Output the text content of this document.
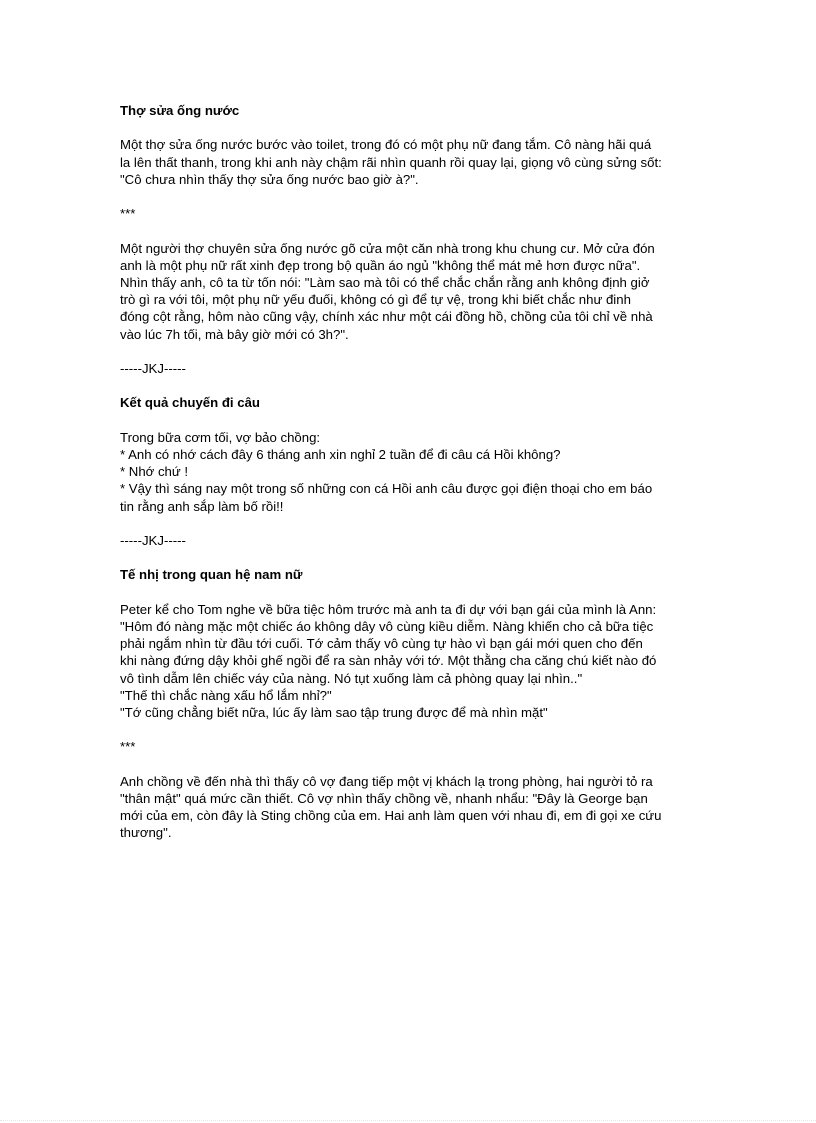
Thợ sửa ống nước

Một thợ sửa ống nước bước vào toilet, trong đó có một phụ nữ đang tắm. Cô nàng hãi quá
la lên thất thanh, trong khi anh này chậm rãi nhìn quanh rồi quay lại, giọng vô cùng sửng sốt:
"Cô chưa nhìn thấy thợ sửa ống nước bao giờ à?".

***

Một người thợ chuyên sửa ống nước gõ cửa một căn nhà trong khu chung cư. Mở cửa đón
anh là một phụ nữ rất xinh đẹp trong bộ quần áo ngủ "không thể mát mẻ hơn được nữa".
Nhìn thấy anh, cô ta từ tốn nói: "Làm sao mà tôi có thể chắc chắn rằng anh không định giở
trò gì ra với tôi, một phụ nữ yếu đuối, không có gì để tự vệ, trong khi biết chắc như đinh
đóng cột rằng, hôm nào cũng vậy, chính xác như một cái đồng hồ, chồng của tôi chỉ về nhà
vào lúc 7h tối, mà bây giờ mới có 3h?".

-----JKJ-----

Kết quả chuyến đi câu

Trong bữa cơm tối, vợ bảo chồng:
* Anh có nhớ cách đây 6 tháng anh xin nghỉ 2 tuần để đi câu cá Hồi không?
* Nhớ chứ !
* Vậy thì sáng nay một trong số những con cá Hồi anh câu được gọi điện thoại cho em báo
tin rằng anh sắp làm bố rồi!!

-----JKJ-----

Tế nhị trong quan hệ nam nữ

Peter kể cho Tom nghe về bữa tiệc hôm trước mà anh ta đi dự với bạn gái của mình là Ann:
"Hôm đó nàng mặc một chiếc áo không dây vô cùng kiều diễm. Nàng khiến cho cả bữa tiệc
phải ngắm nhìn từ đầu tới cuối. Tớ cảm thấy vô cùng tự hào vì bạn gái mới quen cho đến
khi nàng đứng dậy khỏi ghế ngồi để ra sàn nhảy với tớ. Một thằng cha căng chú kiết nào đó
vô tình dẫm lên chiếc váy của nàng. Nó tụt xuống làm cả phòng quay lại nhìn.."
"Thế thì chắc nàng xấu hổ lắm nhỉ?"
"Tớ cũng chẳng biết nữa, lúc ấy làm sao tập trung được để mà nhìn mặt"

***

Anh chồng về đến nhà thì thấy cô vợ đang tiếp một vị khách lạ trong phòng, hai người tỏ ra
"thân mật" quá mức cần thiết. Cô vợ nhìn thấy chồng về, nhanh nhẩu: "Đây là George bạn
mới của em, còn đây là Sting chồng của em. Hai anh làm quen với nhau đi, em đi gọi xe cứu
thương".
